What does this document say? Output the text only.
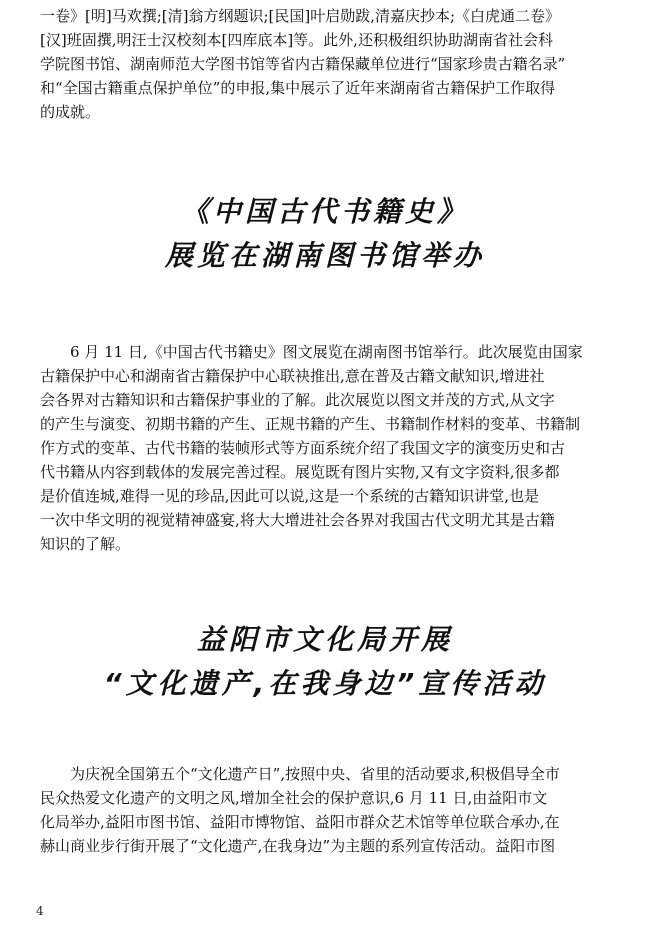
一卷》[明]马欢撰;[清]翁方纲题识;[民国]叶启勋跋,清嘉庆抄本;《白虎通二卷》
[汉]班固撰,明汪士汉校刻本[四库底本]等。此外,还积极组织协助湖南省社会科
学院图书馆、湖南师范大学图书馆等省内古籍保藏单位进行“国家珍贵古籍名录”
和“全国古籍重点保护单位”的申报,集中展示了近年来湖南省古籍保护工作取得
的成就。
《中国古代书籍史》
展览在湖南图书馆举办
6 月 11 日,《中国古代书籍史》图文展览在湖南图书馆举行。此次展览由国家
古籍保护中心和湖南省古籍保护中心联袂推出,意在普及古籍文献知识,增进社
会各界对古籍知识和古籍保护事业的了解。此次展览以图文并茂的方式,从文字
的产生与演变、初期书籍的产生、正规书籍的产生、书籍制作材料的变革、书籍制
作方式的变革、古代书籍的装帧形式等方面系统介绍了我国文字的演变历史和古
代书籍从内容到载体的发展完善过程。展览既有图片实物,又有文字资料,很多都
是价值连城,难得一见的珍品,因此可以说,这是一个系统的古籍知识讲堂,也是
一次中华文明的视觉精神盛宴,将大大增进社会各界对我国古代文明尤其是古籍
知识的了解。
益阳市文化局开展
“文化遗产,在我身边”宣传活动
为庆祝全国第五个“文化遗产日”,按照中央、省里的活动要求,积极倡导全市
民众热爱文化遗产的文明之风,增加全社会的保护意识,6 月 11 日,由益阳市文
化局举办,益阳市图书馆、益阳市博物馆、益阳市群众艺术馆等单位联合承办,在
赫山商业步行街开展了“文化遗产,在我身边”为主题的系列宣传活动。益阳市图
4
